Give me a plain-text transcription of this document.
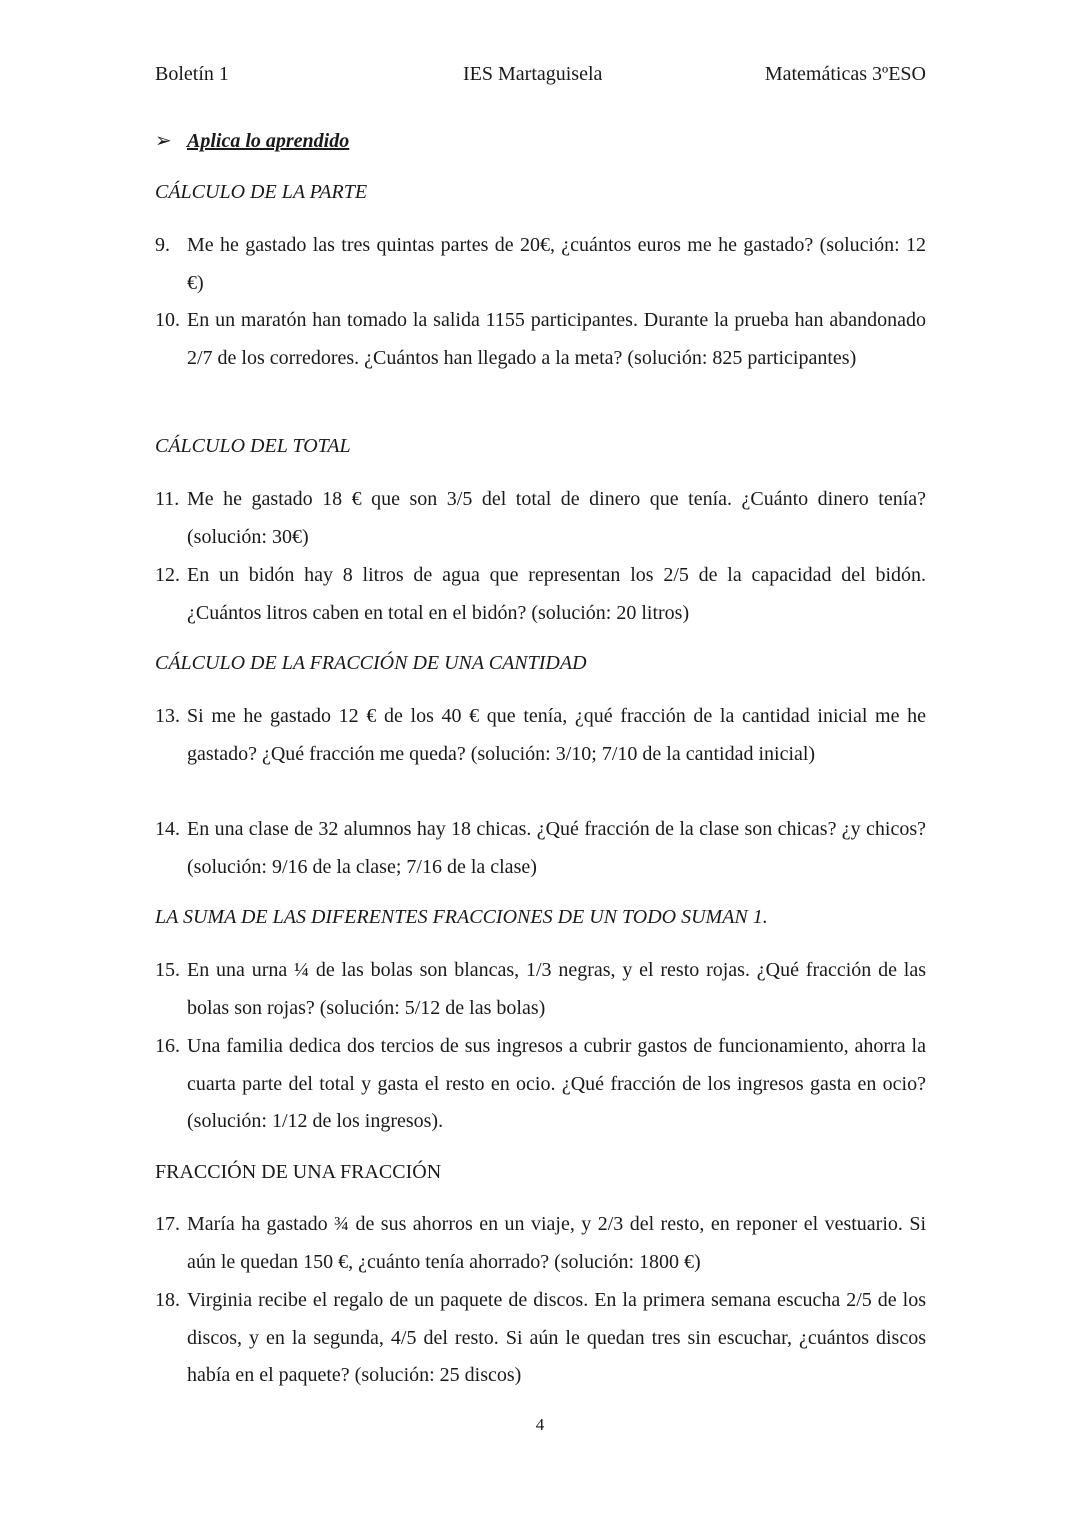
Boletín 1	IES Martaguisela	Matemáticas 3ºESO
➢ Aplica lo aprendido
CÁLCULO DE LA PARTE
9. Me he gastado las tres quintas partes de 20€, ¿cuántos euros me he gastado? (solución: 12 €)
10. En un maratón han tomado la salida 1155 participantes. Durante la prueba han abandonado 2/7 de los corredores. ¿Cuántos han llegado a la meta? (solución: 825 participantes)
CÁLCULO DEL TOTAL
11. Me he gastado 18 € que son 3/5 del total de dinero que tenía. ¿Cuánto dinero tenía? (solución: 30€)
12. En un bidón hay 8 litros de agua que representan los 2/5 de la capacidad del bidón. ¿Cuántos litros caben en total en el bidón? (solución: 20 litros)
CÁLCULO DE LA FRACCIÓN DE UNA CANTIDAD
13. Si me he gastado 12 € de los 40 € que tenía, ¿qué fracción de la cantidad inicial me he gastado? ¿Qué fracción me queda? (solución: 3/10; 7/10 de la cantidad inicial)
14. En una clase de 32 alumnos hay 18 chicas. ¿Qué fracción de la clase son chicas? ¿y chicos? (solución: 9/16 de la clase; 7/16 de la clase)
LA SUMA DE LAS DIFERENTES FRACCIONES DE UN TODO SUMAN 1.
15. En una urna ¼ de las bolas son blancas, 1/3 negras, y el resto rojas. ¿Qué fracción de las bolas son rojas? (solución: 5/12 de las bolas)
16. Una familia dedica dos tercios de sus ingresos a cubrir gastos de funcionamiento, ahorra la cuarta parte del total y gasta el resto en ocio. ¿Qué fracción de los ingresos gasta en ocio? (solución: 1/12 de los ingresos).
FRACCIÓN DE UNA FRACCIÓN
17. María ha gastado ¾ de sus ahorros en un viaje, y 2/3 del resto, en reponer el vestuario. Si aún le quedan 150 €, ¿cuánto tenía ahorrado? (solución: 1800 €)
18. Virginia recibe el regalo de un paquete de discos. En la primera semana escucha 2/5 de los discos, y en la segunda, 4/5 del resto. Si aún le quedan tres sin escuchar, ¿cuántos discos había en el paquete? (solución: 25 discos)
4
